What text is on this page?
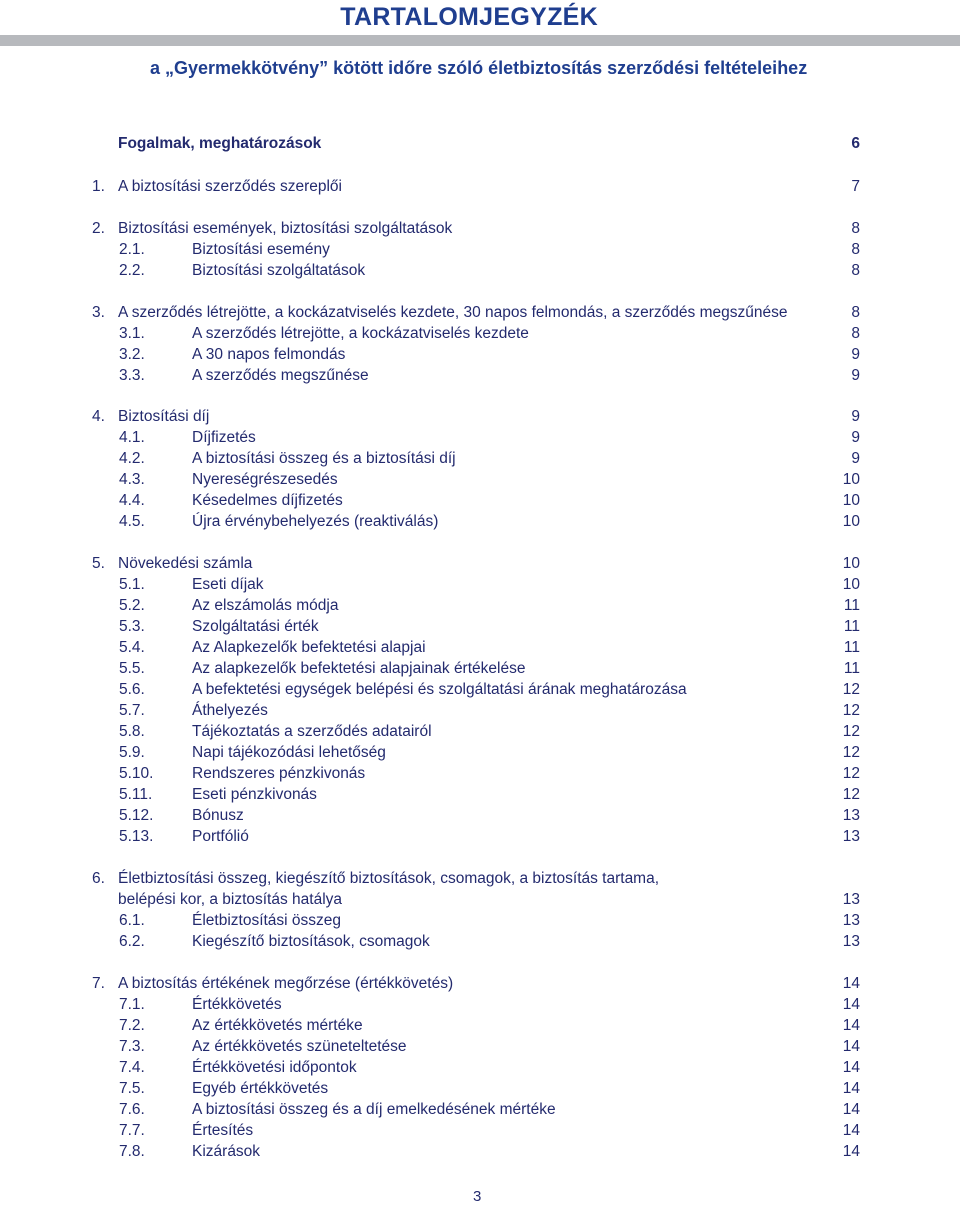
TARTALOMJEGYZÉK
a „Gyermekkötvény” kötött időre szóló életbiztosítás szerződési feltételeihez
Fogalmak, meghatározások	6
1. A biztosítási szerződés szereplői	7
2. Biztosítási események, biztosítási szolgáltatások	8
2.1.	Biztosítási esemény	8
2.2.	Biztosítási szolgáltatások	8
3. A szerződés létrejötte, a kockázatviselés kezdete, 30 napos felmondás, a szerződés megszűnése	8
3.1.	A szerződés létrejötte, a kockázatviselés kezdete	8
3.2.	A 30 napos felmondás	9
3.3.	A szerződés megszűnése	9
4. Biztosítási díj	9
4.1.	Díjfizetés	9
4.2.	A biztosítási összeg és a biztosítási díj	9
4.3.	Nyereségrészesedés	10
4.4.	Késedelmes díjfizetés	10
4.5.	Újra érvénybehelyezés (reaktiválás)	10
5. Növekedési számla	10
5.1.	Eseti díjak	10
5.2.	Az elszámolás módja	11
5.3.	Szolgáltatási érték	11
5.4.	Az Alapkezelők befektetési alapjai	11
5.5.	Az alapkezelők befektetési alapjainak értékelése	11
5.6.	A befektetési egységek belépési és szolgáltatási árának meghatározása	12
5.7.	Áthelyezés	12
5.8.	Tájékoztatás a szerződés adatairól	12
5.9.	Napi tájékozódási lehetőség	12
5.10. Rendszeres pénzkivonás	12
5.11.	Eseti pénzkivonás	12
5.12. Bónusz	13
5.13. Portfólió	13
6. Életbiztosítási összeg, kiegészítő biztosítások, csomagok, a biztosítás tartama,
belépési kor, a biztosítás hatálya	13
6.1.	Életbiztosítási összeg	13
6.2.	Kiegészítő biztosítások, csomagok	13
7. A biztosítás értékének megőrzése (értékkövetés)	14
7.1.	Értékkövetés	14
7.2.	Az értékkövetés mértéke	14
7.3.	Az értékkövetés szüneteltetése	14
7.4.	Értékkövetési időpontok	14
7.5.	Egyéb értékkövetés	14
7.6.	A biztosítási összeg és a díj emelkedésének mértéke	14
7.7.	Értesítés	14
7.8.	Kizárások	14
3
